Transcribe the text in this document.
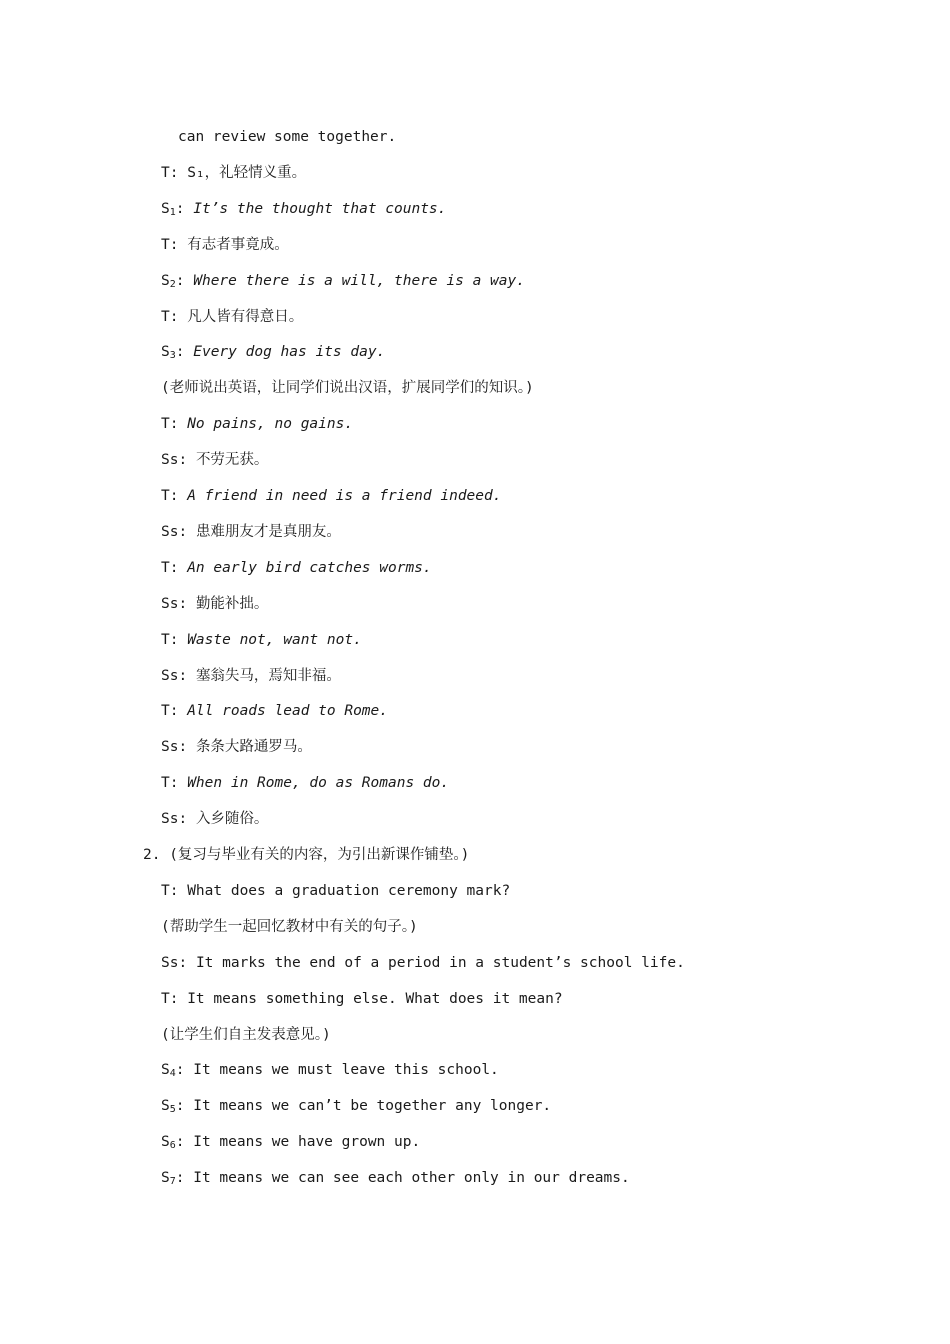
can review some together.
T: S₁，礼轻情义重。
$S_1$: It’s the thought that counts.
T: 有志者事竟成。
$S_2$: Where there is a will, there is a way.
T: 凡人皆有得意日。
$S_3$: Every dog has its day.
(老师说出英语，让同学们说出汉语，扩展同学们的知识。)
T: No pains, no gains.
Ss: 不劳无获。
T: A friend in need is a friend indeed.
Ss: 患难朋友才是真朋友。
T: An early bird catches worms.
Ss: 勤能补拙。
T: Waste not, want not.
Ss: 塞翁失马，焉知非福。
T: All roads lead to Rome.
Ss: 条条大路通罗马。
T: When in Rome, do as Romans do.
Ss: 入乡随俗。
2. (复习与毕业有关的内容，为引出新课作铺垫。)
T: What does a graduation ceremony mark?
(帮助学生一起回忆教材中有关的句子。)
Ss: It marks the end of a period in a student’s school life.
T: It means something else. What does it mean?
(让学生们自主发表意见。)
$S_4$: It means we must leave this school.
$S_5$: It means we can’t be together any longer.
$S_6$: It means we have grown up.
$S_7$: It means we can see each other only in our dreams.
